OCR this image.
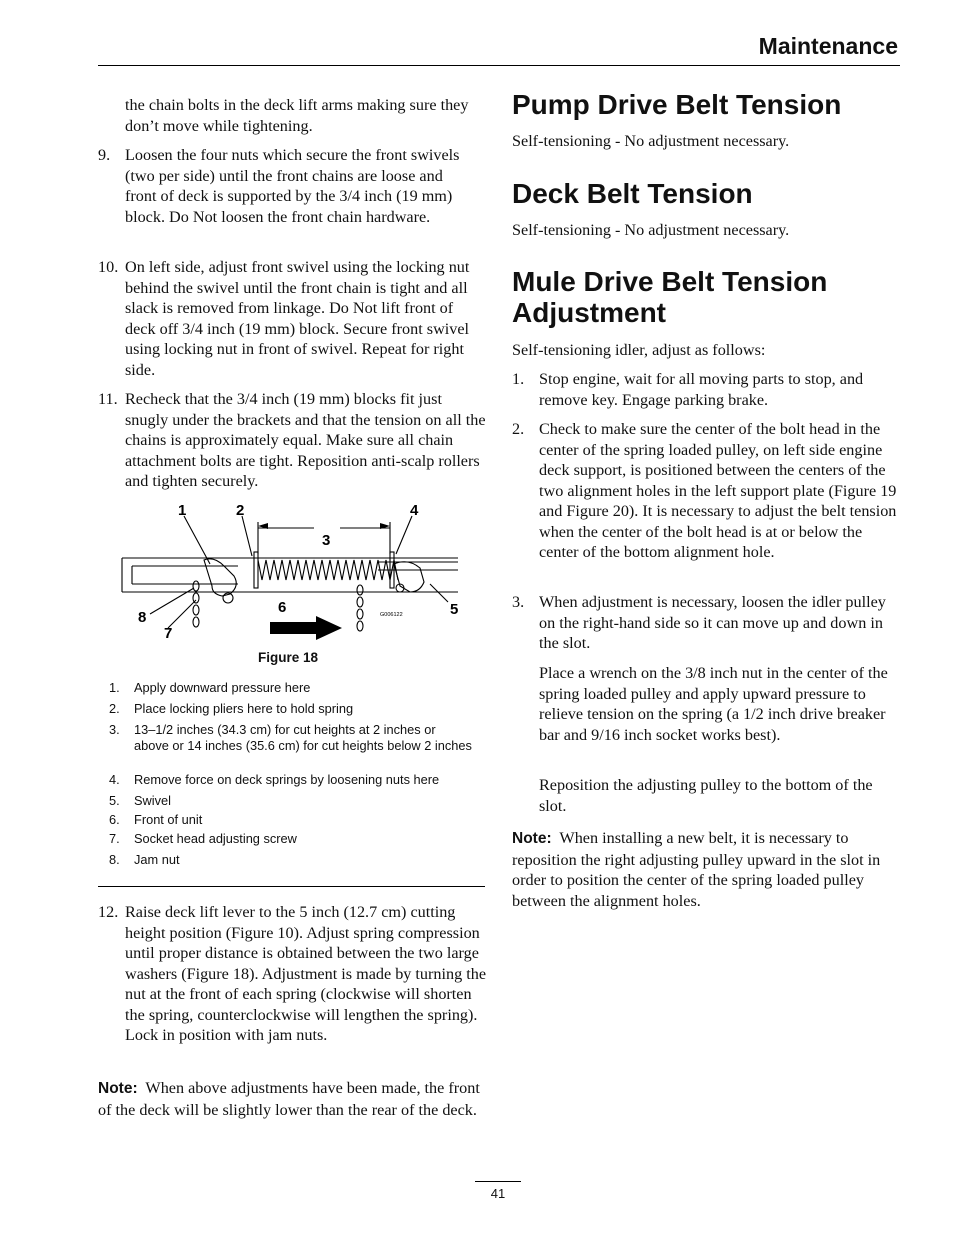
Maintenance
the chain bolts in the deck lift arms making sure they don’t move while tightening.
9. Loosen the four nuts which secure the front swivels (two per side) until the front chains are loose and front of deck is supported by the 3/4 inch (19 mm) block. Do Not loosen the front chain hardware.
10. On left side, adjust front swivel using the locking nut behind the swivel until the front chain is tight and all slack is removed from linkage. Do Not lift front of deck off 3/4 inch (19 mm) block. Secure front swivel using locking nut in front of swivel. Repeat for right side.
11. Recheck that the 3/4 inch (19 mm) blocks fit just snugly under the brackets and that the tension on all the chains is approximately equal. Make sure all chain attachment bolts are tight. Reposition anti-scalp rollers and tighten securely.
1	2
3
4
5
6
7
8	G006122
Figure 18
1. Apply downward pressure here
2. Place locking pliers here to hold spring
3. 13–1/2 inches (34.3 cm) for cut heights at 2 inches or above or 14 inches (35.6 cm) for cut heights below 2 inches
4. Remove force on deck springs by loosening nuts here
5. Swivel
6. Front of unit
7. Socket head adjusting screw
8. Jam nut
12. Raise deck lift lever to the 5 inch (12.7 cm) cutting height position (Figure 10). Adjust spring compression until proper distance is obtained between the two large washers (Figure 18). Adjustment is made by turning the nut at the front of each spring (clockwise will shorten the spring, counterclockwise will lengthen the spring). Lock in position with jam nuts.
Note: When above adjustments have been made, the front of the deck will be slightly lower than the rear of the deck.
Pump Drive Belt Tension
Self-tensioning - No adjustment necessary.
Deck Belt Tension
Self-tensioning - No adjustment necessary.
Mule Drive Belt Tension
Adjustment
Self-tensioning idler, adjust as follows:
1. Stop engine, wait for all moving parts to stop, and remove key. Engage parking brake.
2. Check to make sure the center of the bolt head in the center of the spring loaded pulley, on left side engine deck support, is positioned between the centers of the two alignment holes in the left support plate (Figure 19 and Figure 20). It is necessary to adjust the belt tension when the center of the bolt head is at or below the center of the bottom alignment hole.
3. When adjustment is necessary, loosen the idler pulley on the right-hand side so it can move up and down in the slot.
Place a wrench on the 3/8 inch nut in the center of the spring loaded pulley and apply upward pressure to relieve tension on the spring (a 1/2 inch drive breaker bar and 9/16 inch socket works best).
Reposition the adjusting pulley to the bottom of the slot.
Note: When installing a new belt, it is necessary to reposition the right adjusting pulley upward in the slot in order to position the center of the spring loaded pulley between the alignment holes.
41
